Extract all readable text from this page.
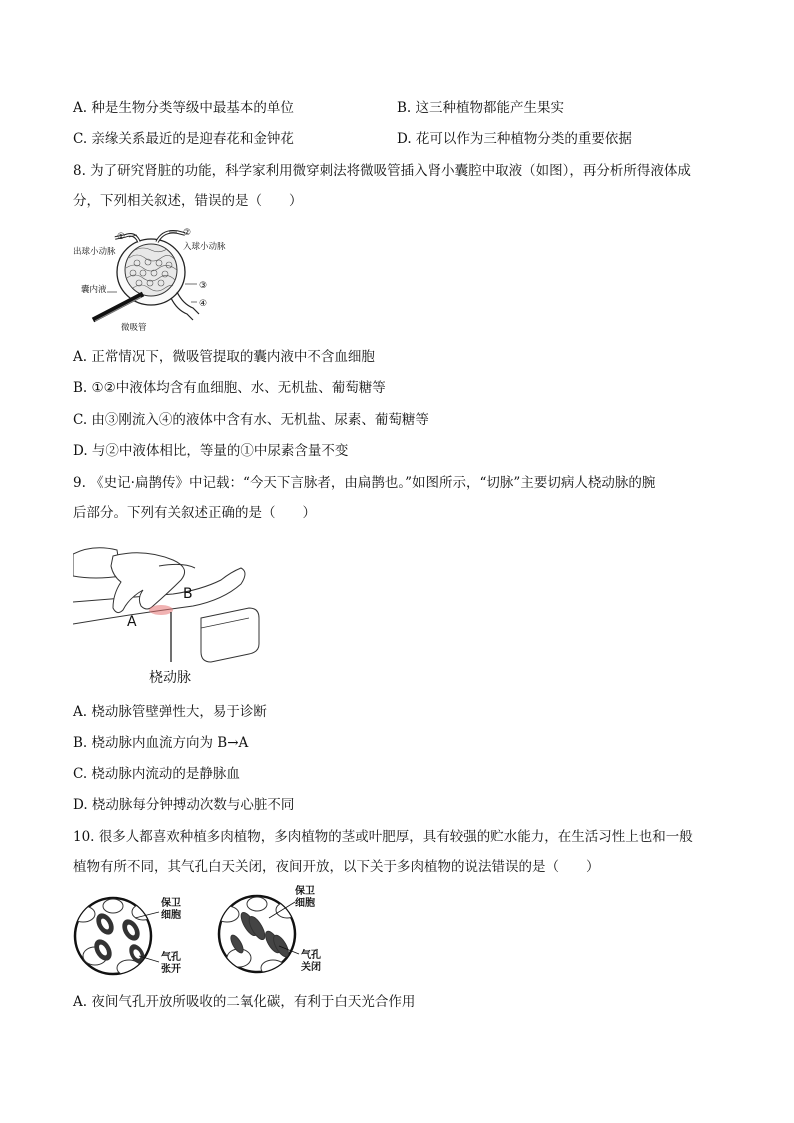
A. 种是生物分类等级中最基本的单位	B. 这三种植物都能产生果实
C. 亲缘关系最近的是迎春花和金钟花	D. 花可以作为三种植物分类的重要依据
8. 为了研究肾脏的功能，科学家利用微穿刺法将微吸管插入肾小囊腔中取液（如图），再分析所得液体成
分，下列相关叙述，错误的是（　　）
①	②
③
④
出球小动脉	入球小动脉
囊内液
微吸管
A. 正常情况下，微吸管提取的囊内液中不含血细胞
B. ①②中液体均含有血细胞、水、无机盐、葡萄糖等
C. 由③刚流入④的液体中含有水、无机盐、尿素、葡萄糖等
D. 与②中液体相比，等量的①中尿素含量不变
9. 《史记·扁鹊传》中记载：“今天下言脉者，由扁鹊也。”如图所示，“切脉”主要切病人桡动脉的腕
后部分。下列有关叙述正确的是（　　）
A
B
桡动脉
A. 桡动脉管壁弹性大，易于诊断
B. 桡动脉内血流方向为 B→A
C. 桡动脉内流动的是静脉血
D. 桡动脉每分钟搏动次数与心脏不同
10. 很多人都喜欢种植多肉植物，多肉植物的茎或叶肥厚，具有较强的贮水能力，在生活习性上也和一般
植物有所不同，其气孔白天关闭，夜间开放，以下关于多肉植物的说法错误的是（　　）
保卫细胞
气孔张开
保卫细胞
气孔关闭
A. 夜间气孔开放所吸收的二氧化碳，有利于白天光合作用
